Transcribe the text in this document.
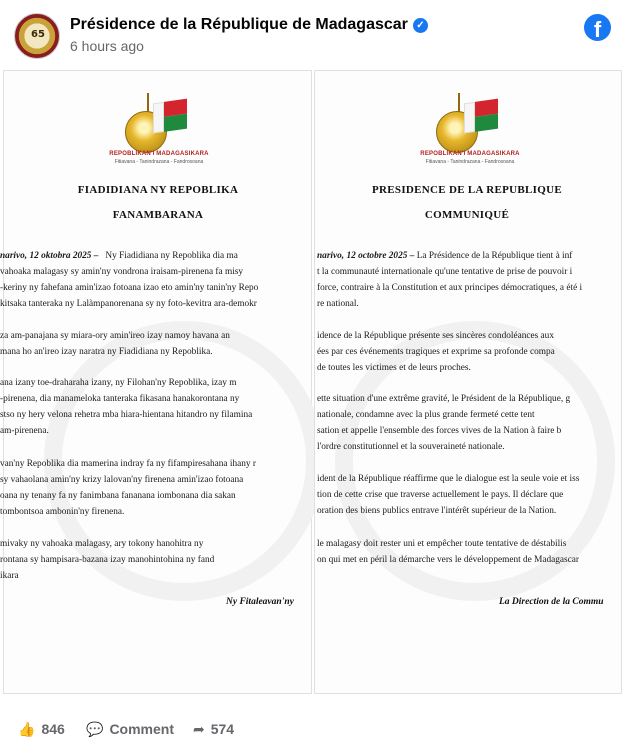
65
Présidence de la République de Madagascar ✓
6 hours ago
f
REPOBLIKAN'I MADAGASIKARA
Fitiavana - Tanindrazana - Fandrosoana
FIADIDIANA NY REPOBLIKA
FANAMBARANA
narivo, 12 oktobra 2025 – Ny Fiadidiana ny Repoblika dia ma
vahoaka malagasy sy amin'ny vondrona iraisam-pirenena fa misy
-keriny ny fahefana amin'izao fotoana izao eto amin'ny tanin'ny Repo
kitsaka tanteraka ny Lalàmpanorenana sy ny foto-kevitra ara-demokr
za am-panajana sy miara-ory amin'ireo izay namoy havana an
mana ho an'ireo izay naratra ny Fiadidiana ny Repoblika.
ana izany toe-draharaha izany, ny Filohan'ny Repoblika, izay m
-pirenena, dia manameloka tanteraka fikasana hanakorontana ny
stso ny hery velona rehetra mba hiara-hientana hitandro ny filamina
am-pirenena.
van'ny Repoblika dia mamerina indray fa ny fifampiresahana ihany r
sy vahaolana amin'ny krizy lalovan'ny firenena amin'izao fotoana
oana ny tenany fa ny fanimbana fananana iombonana dia sakan
tombontsoa ambonin'ny firenena.
mivaky ny vahoaka malagasy, ary tokony hanohitra ny
rontana sy hampisara-bazana izay manohintohina ny fand
ikara
Ny Fitaleavan'ny
REPOBLIKAN'I MADAGASIKARA
Fitiavana - Tanindrazana - Fandrosoana
PRESIDENCE DE LA REPUBLIQUE
COMMUNIQUÉ
narivo, 12 octobre 2025 – La Présidence de la République tient à inf
t la communauté internationale qu'une tentative de prise de pouvoir i
force, contraire à la Constitution et aux principes démocratiques, a été i
re national.
idence de la République présente ses sincères condoléances aux
ées par ces événements tragiques et exprime sa profonde compa
de toutes les victimes et de leurs proches.
ette situation d'une extrême gravité, le Président de la République, g
nationale, condamne avec la plus grande fermeté cette tent
sation et appelle l'ensemble des forces vives de la Nation à faire b
l'ordre constitutionnel et la souveraineté nationale.
ident de la République réaffirme que le dialogue est la seule voie et iss
tion de cette crise que traverse actuellement le pays. Il déclare que
oration des biens publics entrave l'intérêt supérieur de la Nation.
le malagasy doit rester uni et empêcher toute tentative de déstabilis
on qui met en péril la démarche vers le développement de Madagascar
La Direction de la Commu
👍 846 💬 Comment ➦ 574
